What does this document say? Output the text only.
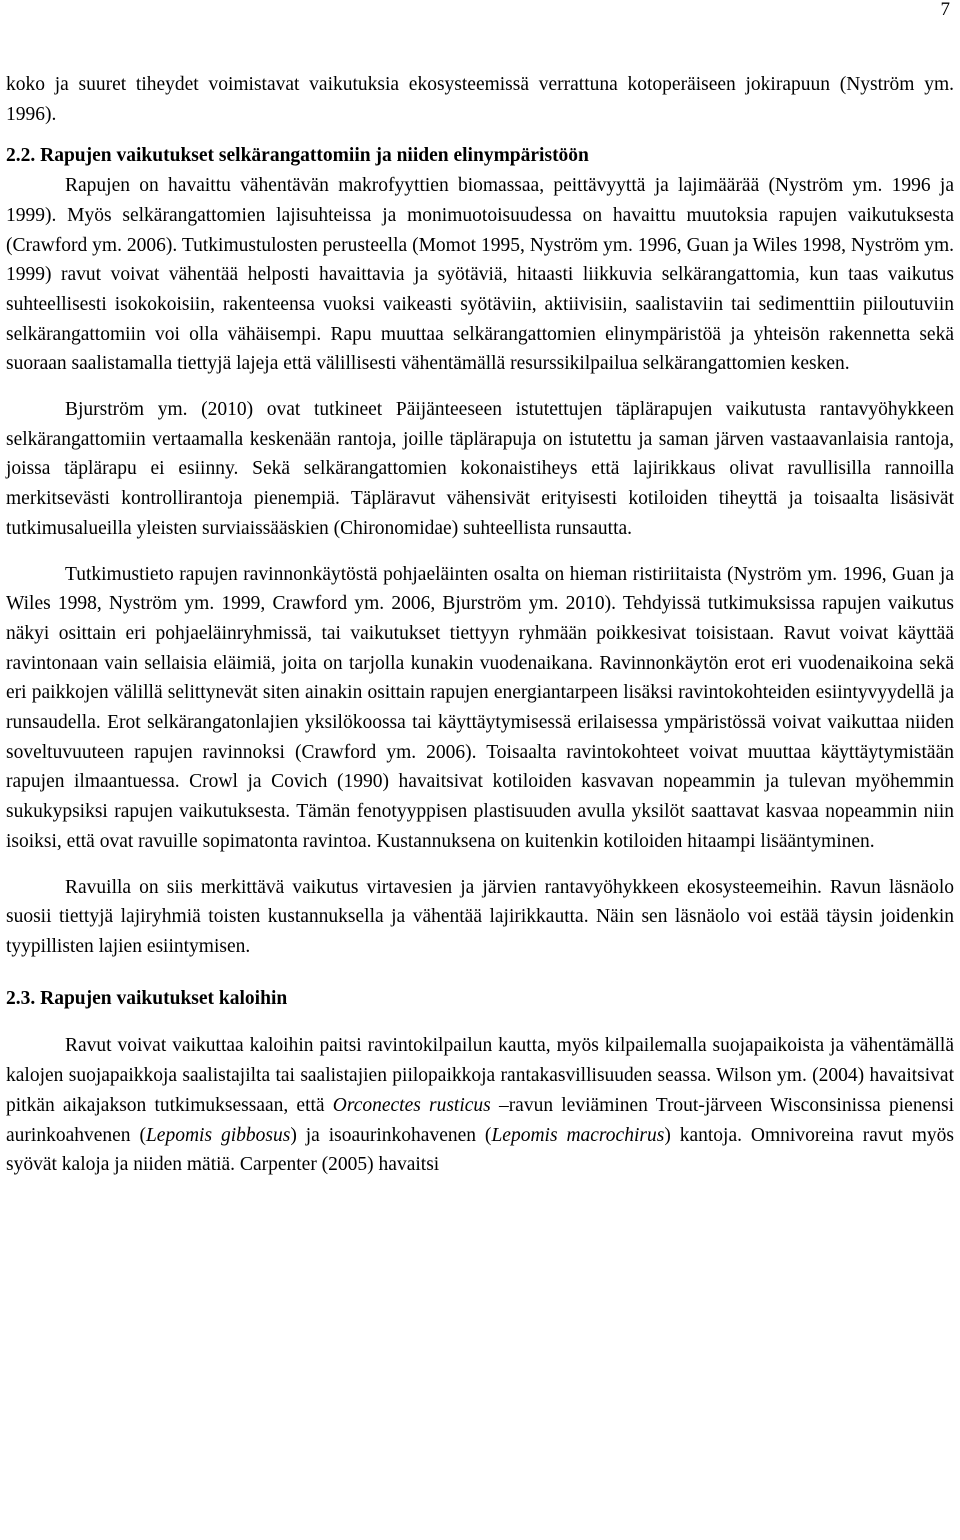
7

koko ja suuret tiheydet voimistavat vaikutuksia ekosysteemissä verrattuna kotoperäiseen jokirapuun (Nyström ym. 1996).

2.2. Rapujen vaikutukset selkärangattomiin ja niiden elinympäristöön

Rapujen on havaittu vähentävän makrofyyttien biomassaa, peittävyyttä ja lajimäärää (Nyström ym. 1996 ja 1999). Myös selkärangattomien lajisuhteissa ja monimuotoisuudessa on havaittu muutoksia rapujen vaikutuksesta (Crawford ym. 2006). Tutkimustulosten perusteella (Momot 1995, Nyström ym. 1996, Guan ja Wiles 1998, Nyström ym. 1999) ravut voivat vähentää helposti havaittavia ja syötäviä, hitaasti liikkuvia selkärangattomia, kun taas vaikutus suhteellisesti isokokoisiin, rakenteensa vuoksi vaikeasti syötäviin, aktiivisiin, saalistaviin tai sedimenttiin piiloutuviin selkärangattomiin voi olla vähäisempi. Rapu muuttaa selkärangattomien elinympäristöä ja yhteisön rakennetta sekä suoraan saalistamalla tiettyjä lajeja että välillisesti vähentämällä resurssikilpailua selkärangattomien kesken.

Bjurström ym. (2010) ovat tutkineet Päijänteeseen istutettujen täplärapujen vaikutusta rantavyöhykkeen selkärangattomiin vertaamalla keskenään rantoja, joille täplärapuja on istutettu ja saman järven vastaavanlaisia rantoja, joissa täplärapu ei esiinny. Sekä selkärangattomien kokonaistiheys että lajirikkaus olivat ravullisilla rannoilla merkitsevästi kontrollirantoja pienempiä. Täpläravut vähensivät erityisesti kotiloiden tiheyttä ja toisaalta lisäsivät tutkimusalueilla yleisten surviaissääskien (Chironomidae) suhteellista runsautta.

Tutkimustieto rapujen ravinnonkäytöstä pohjaeläinten osalta on hieman ristiriitaista (Nyström ym. 1996, Guan ja Wiles 1998, Nyström ym. 1999, Crawford ym. 2006, Bjurström ym. 2010). Tehdyissä tutkimuksissa rapujen vaikutus näkyi osittain eri pohjaeläinryhmissä, tai vaikutukset tiettyyn ryhmään poikkesivat toisistaan. Ravut voivat käyttää ravintonaan vain sellaisia eläimiä, joita on tarjolla kunakin vuodenaikana. Ravinnonkäytön erot eri vuodenaikoina sekä eri paikkojen välillä selittynevät siten ainakin osittain rapujen energiantarpeen lisäksi ravintokohteiden esiintyvyydellä ja runsaudella. Erot selkärangatonlajien yksilökoossa tai käyttäytymisessä erilaisessa ympäristössä voivat vaikuttaa niiden soveltuvuuteen rapujen ravinnoksi (Crawford ym. 2006). Toisaalta ravintokohteet voivat muuttaa käyttäytymistään rapujen ilmaantuessa. Crowl ja Covich (1990) havaitsivat kotiloiden kasvavan nopeammin ja tulevan myöhemmin sukukypsiksi rapujen vaikutuksesta. Tämän fenotyyppisen plastisuuden avulla yksilöt saattavat kasvaa nopeammin niin isoiksi, että ovat ravuille sopimatonta ravintoa. Kustannuksena on kuitenkin kotiloiden hitaampi lisääntyminen.

Ravuilla on siis merkittävä vaikutus virtavesien ja järvien rantavyöhykkeen ekosysteemeihin. Ravun läsnäolo suosii tiettyjä lajiryhmiä toisten kustannuksella ja vähentää lajirikkautta. Näin sen läsnäolo voi estää täysin joidenkin tyypillisten lajien esiintymisen.

2.3. Rapujen vaikutukset kaloihin

Ravut voivat vaikuttaa kaloihin paitsi ravintokilpailun kautta, myös kilpailemalla suojapaikoista ja vähentämällä kalojen suojapaikkoja saalistajilta tai saalistajien piilopaikkoja rantakasvillisuuden seassa. Wilson ym. (2004) havaitsivat pitkän aikajakson tutkimuksessaan, että Orconectes rusticus –ravun leviäminen Trout-järveen Wisconsinissa pienensi aurinkoahvenen (Lepomis gibbosus) ja isoaurinkohavenen (Lepomis macrochirus) kantoja. Omnivoreina ravut myös syövät kaloja ja niiden mätiä. Carpenter (2005) havaitsi
